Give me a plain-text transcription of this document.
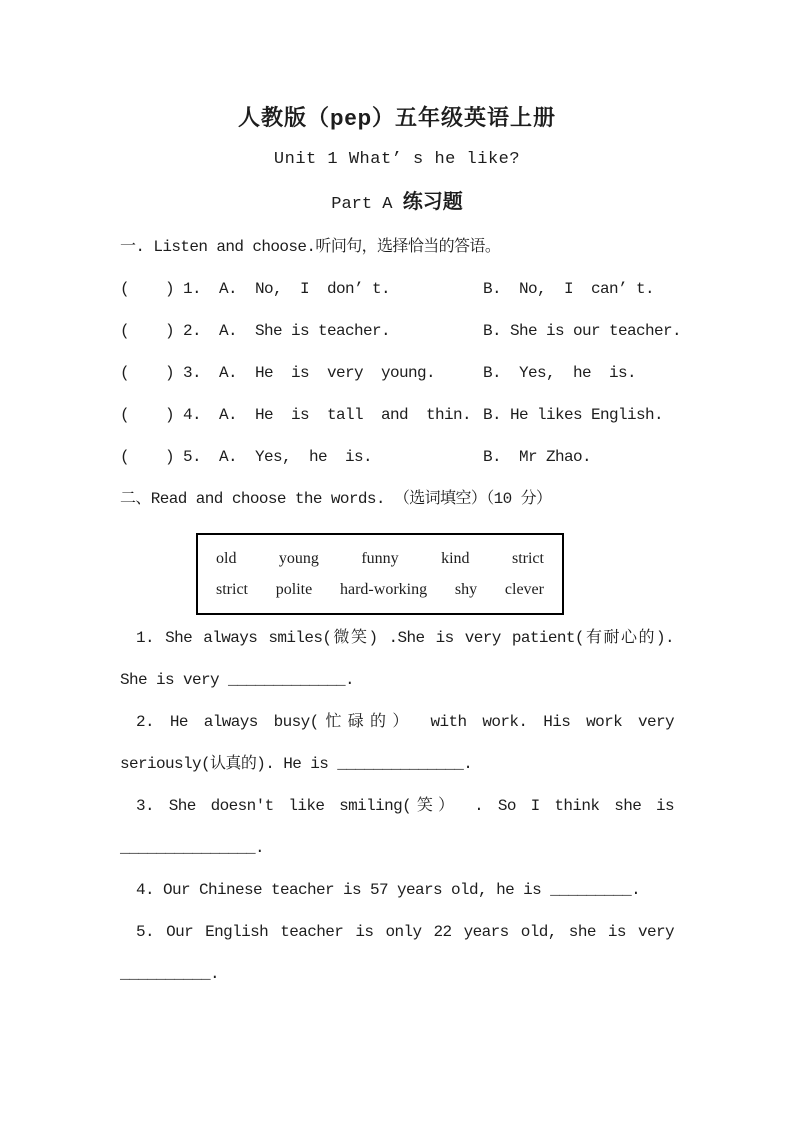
人教版（pep）五年级英语上册
Unit 1 What’ s he like?
Part A 练习题
一. Listen and choose.听问句，选择恰当的答语。
(    ) 1.  A.  No,  I  don’ t.	B.  No,  I  can’ t.
(    ) 2.  A.  She is teacher.	B. She is our teacher.
(    ) 3.  A.  He  is  very  young.	B.  Yes,  he  is.
(    ) 4.  A.  He  is  tall  and  thin. B. He likes English.
(    ) 5.  A.  Yes,  he  is.	B.  Mr Zhao.
二、Read and choose the words. （选词填空）（10 分）
old	young	funny	kind	strict
strict polite hard-working shy clever
1. She always smiles(微笑) .She is very patient(有耐心的).
She is very _____________.
2. He always busy(忙碌的） with work. His work very
seriously(认真的). He is ______________.
3. She doesn't like smiling(笑） . So I think she is
_______________.
4. Our Chinese teacher is 57 years old, he is _________.
5. Our English teacher is only 22 years old, she is very
__________.
